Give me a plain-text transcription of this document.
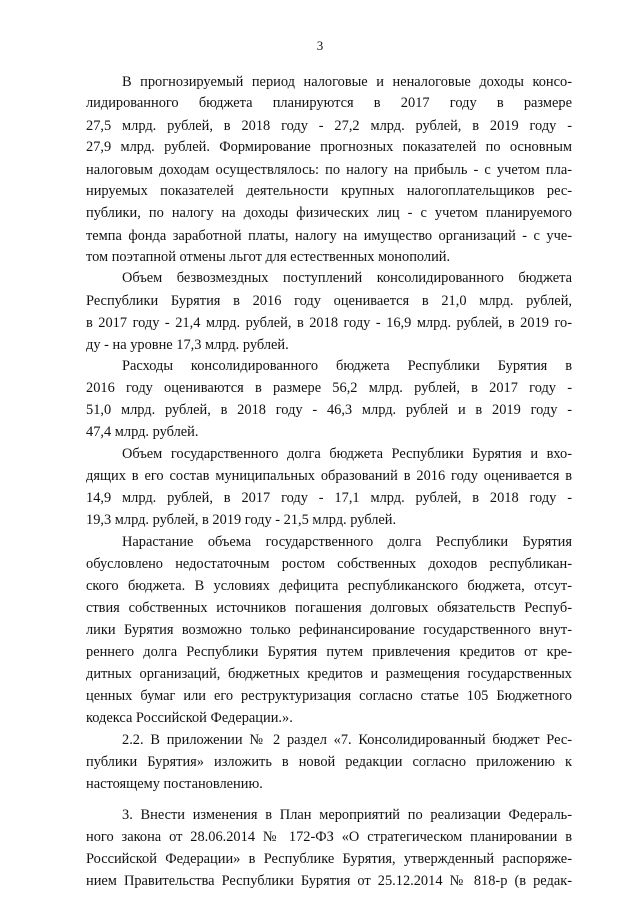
3
В прогнозируемый период налоговые и неналоговые доходы консо-
лидированного бюджета планируются в 2017 году в размере
27,5 млрд. рублей, в 2018 году - 27,2 млрд. рублей, в 2019 году -
27,9 млрд. рублей. Формирование прогнозных показателей по основным
налоговым доходам осуществлялось: по налогу на прибыль - с учетом пла-
нируемых показателей деятельности крупных налогоплательщиков рес-
публики, по налогу на доходы физических лиц - с учетом планируемого
темпа фонда заработной платы, налогу на имущество организаций - с уче-
том поэтапной отмены льгот для естественных монополий.
Объем безвозмездных поступлений консолидированного бюджета
Республики Бурятия в 2016 году оценивается в 21,0 млрд. рублей,
в 2017 году - 21,4 млрд. рублей, в 2018 году - 16,9 млрд. рублей, в 2019 го-
ду - на уровне 17,3 млрд. рублей.
Расходы консолидированного бюджета Республики Бурятия в
2016 году оцениваются в размере 56,2 млрд. рублей, в 2017 году -
51,0 млрд. рублей, в 2018 году - 46,3 млрд. рублей и в 2019 году -
47,4 млрд. рублей.
Объем государственного долга бюджета Республики Бурятия и вхо-
дящих в его состав муниципальных образований в 2016 году оценивается в
14,9 млрд. рублей, в 2017 году - 17,1 млрд. рублей, в 2018 году -
19,3 млрд. рублей, в 2019 году - 21,5 млрд. рублей.
Нарастание объема государственного долга Республики Бурятия
обусловлено недостаточным ростом собственных доходов республикан-
ского бюджета. В условиях дефицита республиканского бюджета, отсут-
ствия собственных источников погашения долговых обязательств Респуб-
лики Бурятия возможно только рефинансирование государственного внут-
реннего долга Республики Бурятия путем привлечения кредитов от кре-
дитных организаций, бюджетных кредитов и размещения государственных
ценных бумаг или его реструктуризация согласно статье 105 Бюджетного
кодекса Российской Федерации.».
2.2. В приложении № 2 раздел «7. Консолидированный бюджет Рес-
публики Бурятия» изложить в новой редакции согласно приложению к
настоящему постановлению.
3. Внести изменения в План мероприятий по реализации Федераль-
ного закона от 28.06.2014 № 172-ФЗ «О стратегическом планировании в
Российской Федерации» в Республике Бурятия, утвержденный распоряже-
нием Правительства Республики Бурятия от 25.12.2014 № 818-р (в редак-
